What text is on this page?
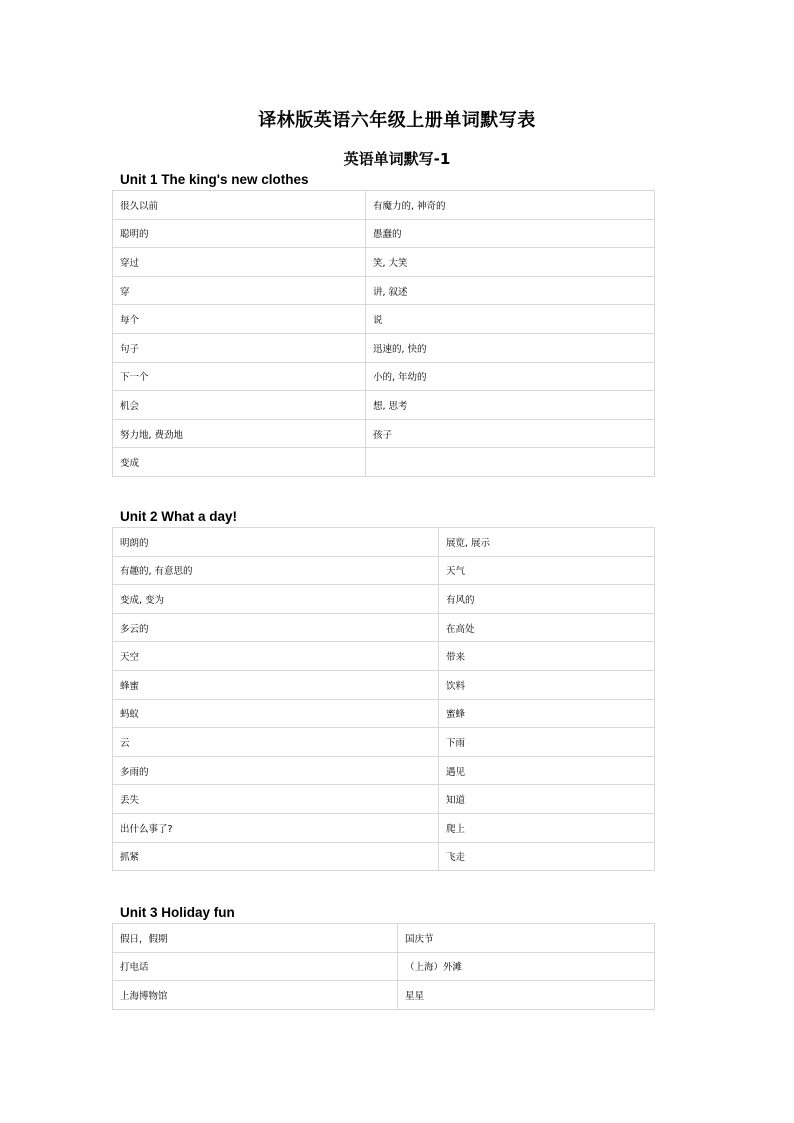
译林版英语六年级上册单词默写表
英语单词默写-1
Unit 1 The king's new clothes
很久以前	有魔力的, 神奇的
聪明的	愚蠢的
穿过	笑, 大笑
穿	讲, 叙述
每个	说
句子	迅速的, 快的
下一个	小的, 年幼的
机会	想, 思考
努力地, 费劲地	孩子
变成	
Unit 2 What a day!
明朗的	展览, 展示
有趣的, 有意思的	天气
变成, 变为	有风的
多云的	在高处
天空	带来
蜂蜜	饮料
蚂蚁	蜜蜂
云	下雨
多雨的	遇见
丢失	知道
出什么事了?	爬上
抓紧	飞走
Unit 3 Holiday fun
假日，假期	国庆节
打电话	（上海）外滩
上海博物馆	星星
